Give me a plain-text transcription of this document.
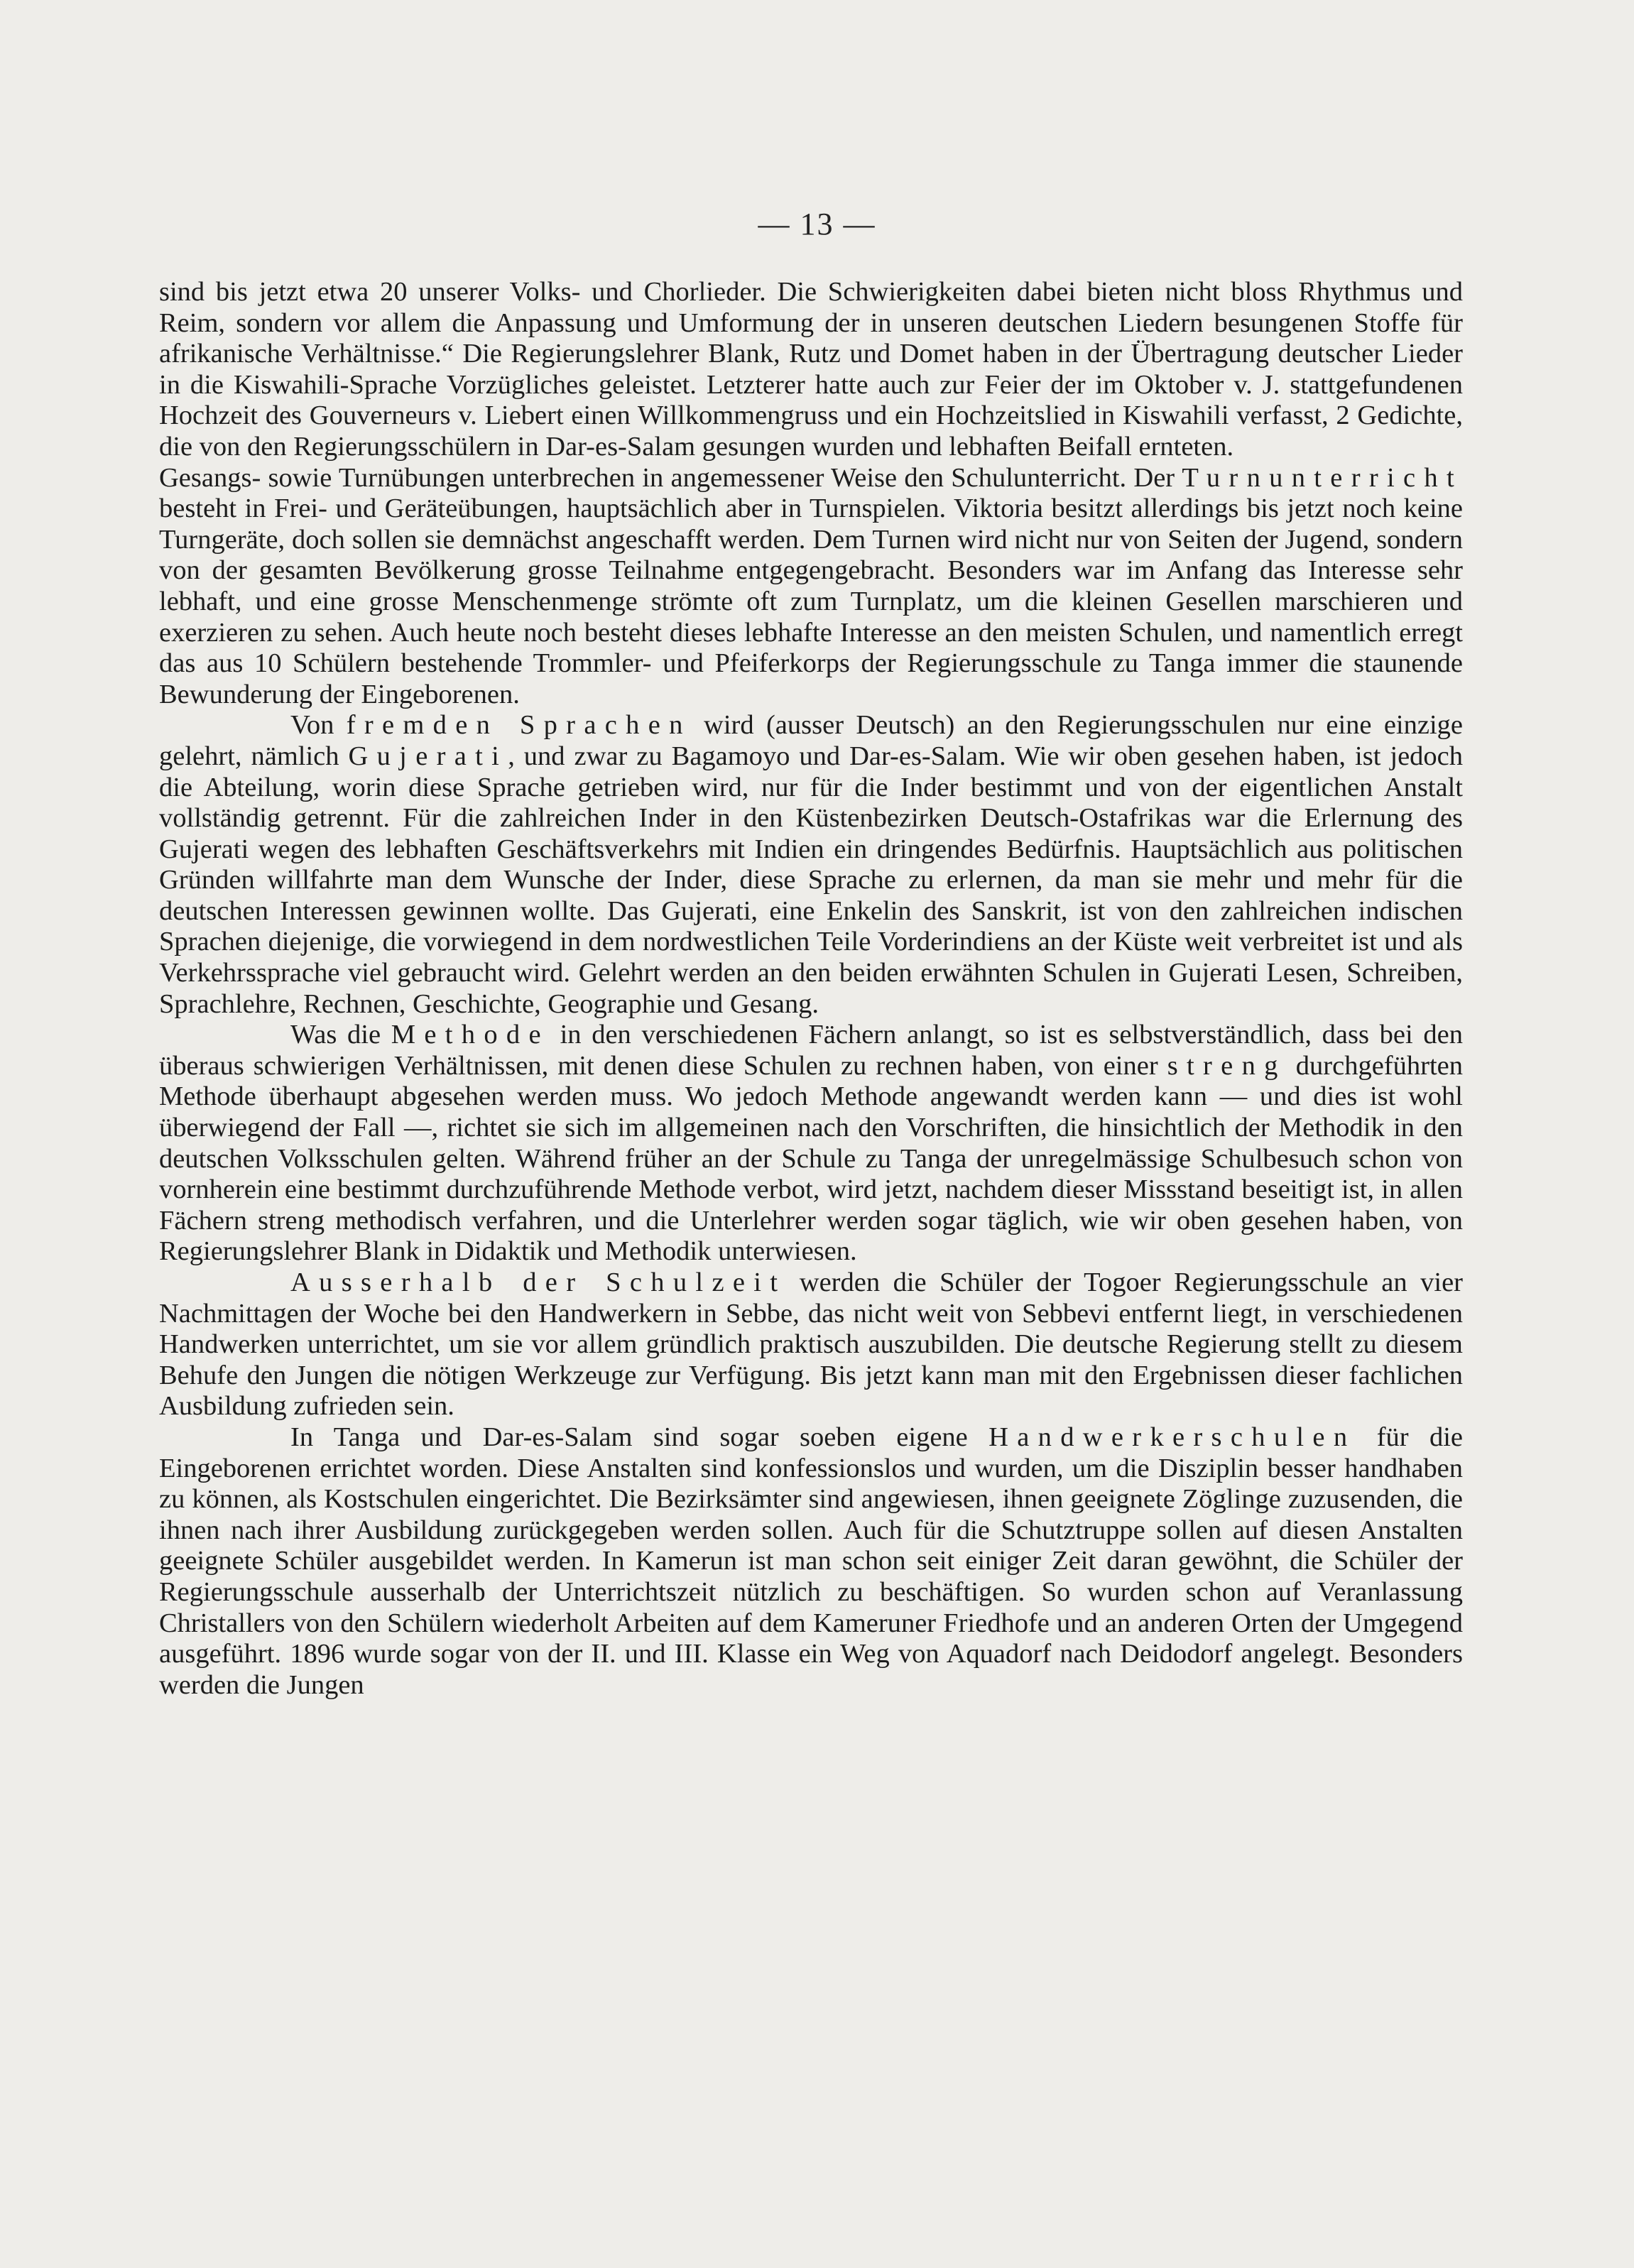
— 13 —

sind bis jetzt etwa 20 unserer Volks- und Chorlieder. Die Schwierigkeiten dabei bieten nicht bloss Rhythmus und Reim, sondern vor allem die Anpassung und Umformung der in unseren deutschen Liedern besungenen Stoffe für afrikanische Verhältnisse.“ Die Regierungslehrer Blank, Rutz und Domet haben in der Übertragung deutscher Lieder in die Kiswahili-Sprache Vorzügliches geleistet. Letzterer hatte auch zur Feier der im Oktober v. J. stattgefundenen Hochzeit des Gouverneurs v. Liebert einen Willkommengruss und ein Hochzeitslied in Kiswahili verfasst, 2 Gedichte, die von den Regierungsschülern in Dar-es-Salam gesungen wurden und lebhaften Beifall ernteten.

Gesangs- sowie Turnübungen unterbrechen in angemessener Weise den Schulunterricht. Der Turnunterricht besteht in Frei- und Geräteübungen, hauptsächlich aber in Turnspielen. Viktoria besitzt allerdings bis jetzt noch keine Turngeräte, doch sollen sie demnächst angeschafft werden. Dem Turnen wird nicht nur von Seiten der Jugend, sondern von der gesamten Bevölkerung grosse Teilnahme entgegengebracht. Besonders war im Anfang das Interesse sehr lebhaft, und eine grosse Menschenmenge strömte oft zum Turnplatz, um die kleinen Gesellen marschieren und exerzieren zu sehen. Auch heute noch besteht dieses lebhafte Interesse an den meisten Schulen, und namentlich erregt das aus 10 Schülern bestehende Trommler- und Pfeiferkorps der Regierungsschule zu Tanga immer die staunende Bewunderung der Eingeborenen.

Von fremden Sprachen wird (ausser Deutsch) an den Regierungsschulen nur eine einzige gelehrt, nämlich Gujerati, und zwar zu Bagamoyo und Dar-es-Salam. Wie wir oben gesehen haben, ist jedoch die Abteilung, worin diese Sprache getrieben wird, nur für die Inder bestimmt und von der eigentlichen Anstalt vollständig getrennt. Für die zahlreichen Inder in den Küstenbezirken Deutsch-Ostafrikas war die Erlernung des Gujerati wegen des lebhaften Geschäftsverkehrs mit Indien ein dringendes Bedürfnis. Hauptsächlich aus politischen Gründen willfahrte man dem Wunsche der Inder, diese Sprache zu erlernen, da man sie mehr und mehr für die deutschen Interessen gewinnen wollte. Das Gujerati, eine Enkelin des Sanskrit, ist von den zahlreichen indischen Sprachen diejenige, die vorwiegend in dem nordwestlichen Teile Vorderindiens an der Küste weit verbreitet ist und als Verkehrssprache viel gebraucht wird. Gelehrt werden an den beiden erwähnten Schulen in Gujerati Lesen, Schreiben, Sprachlehre, Rechnen, Geschichte, Geographie und Gesang.

Was die Methode in den verschiedenen Fächern anlangt, so ist es selbstverständlich, dass bei den überaus schwierigen Verhältnissen, mit denen diese Schulen zu rechnen haben, von einer streng durchgeführten Methode überhaupt abgesehen werden muss. Wo jedoch Methode angewandt werden kann — und dies ist wohl überwiegend der Fall —, richtet sie sich im allgemeinen nach den Vorschriften, die hinsichtlich der Methodik in den deutschen Volksschulen gelten. Während früher an der Schule zu Tanga der unregelmässige Schulbesuch schon von vornherein eine bestimmt durchzuführende Methode verbot, wird jetzt, nachdem dieser Missstand beseitigt ist, in allen Fächern streng methodisch verfahren, und die Unterlehrer werden sogar täglich, wie wir oben gesehen haben, von Regierungslehrer Blank in Didaktik und Methodik unterwiesen.

Ausserhalb der Schulzeit werden die Schüler der Togoer Regierungsschule an vier Nachmittagen der Woche bei den Handwerkern in Sebbe, das nicht weit von Sebbevi entfernt liegt, in verschiedenen Handwerken unterrichtet, um sie vor allem gründlich praktisch auszubilden. Die deutsche Regierung stellt zu diesem Behufe den Jungen die nötigen Werkzeuge zur Verfügung. Bis jetzt kann man mit den Ergebnissen dieser fachlichen Ausbildung zufrieden sein.

In Tanga und Dar-es-Salam sind sogar soeben eigene Handwerkerschulen für die Eingeborenen errichtet worden. Diese Anstalten sind konfessionslos und wurden, um die Disziplin besser handhaben zu können, als Kostschulen eingerichtet. Die Bezirksämter sind angewiesen, ihnen geeignete Zöglinge zuzusenden, die ihnen nach ihrer Ausbildung zurückgegeben werden sollen. Auch für die Schutztruppe sollen auf diesen Anstalten geeignete Schüler ausgebildet werden. In Kamerun ist man schon seit einiger Zeit daran gewöhnt, die Schüler der Regierungsschule ausserhalb der Unterrichtszeit nützlich zu beschäftigen. So wurden schon auf Veranlassung Christallers von den Schülern wiederholt Arbeiten auf dem Kameruner Friedhofe und an anderen Orten der Umgegend ausgeführt. 1896 wurde sogar von der II. und III. Klasse ein Weg von Aquadorf nach Deidodorf angelegt. Besonders werden die Jungen
